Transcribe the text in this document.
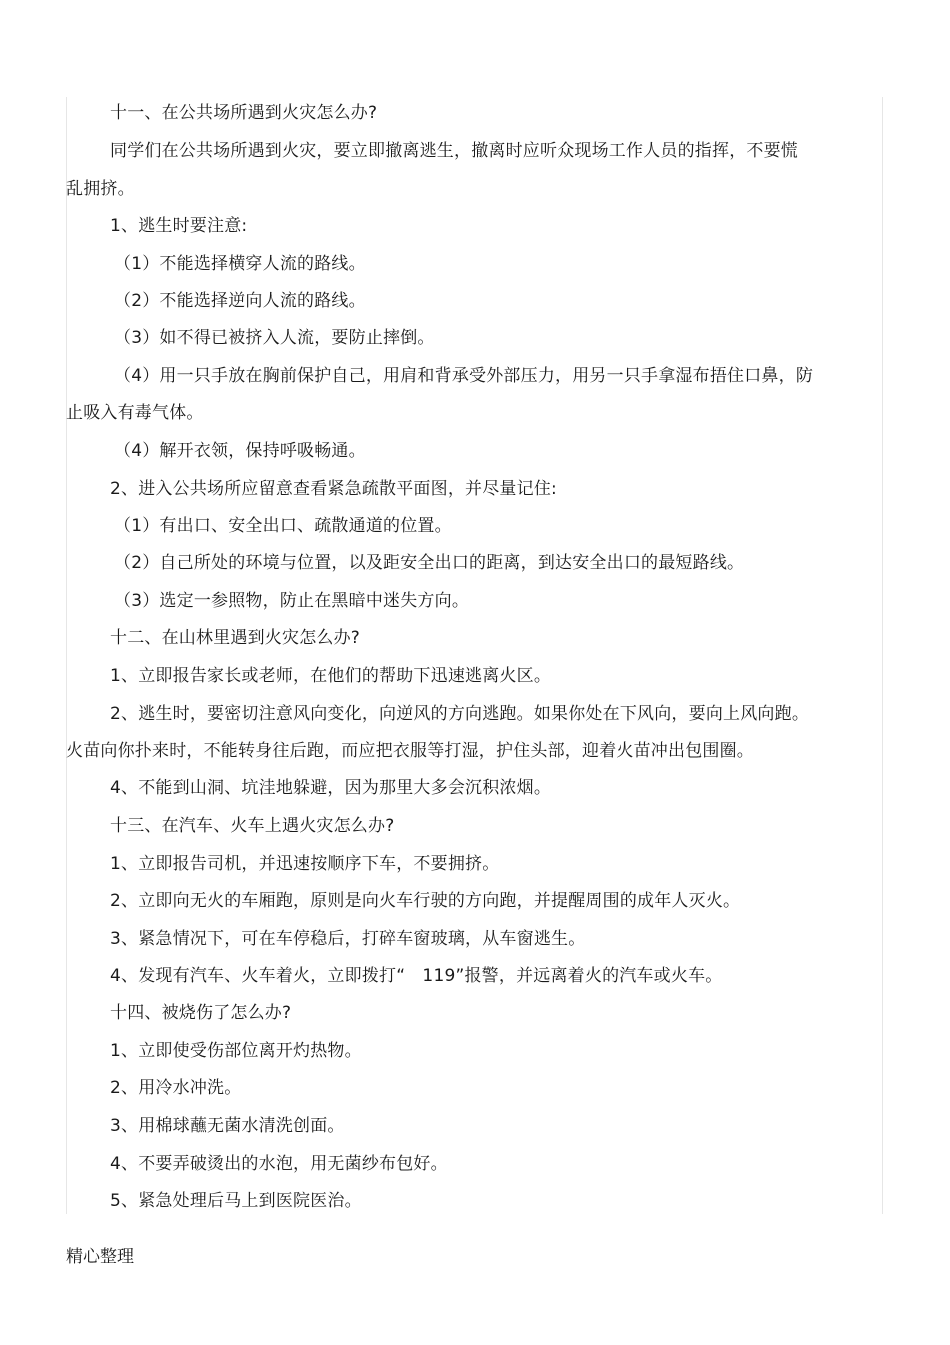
十一、在公共场所遇到火灾怎么办?
同学们在公共场所遇到火灾，要立即撤离逃生，撤离时应听众现场工作人员的指挥，不要慌
乱拥挤。
1、逃生时要注意:
（1）不能选择横穿人流的路线。
（2）不能选择逆向人流的路线。
（3）如不得已被挤入人流，要防止摔倒。
（4）用一只手放在胸前保护自己，用肩和背承受外部压力，用另一只手拿湿布捂住口鼻，防
止吸入有毒气体。
（4）解开衣领，保持呼吸畅通。
2、进入公共场所应留意查看紧急疏散平面图，并尽量记住:
（1）有出口、安全出口、疏散通道的位置。
（2）自己所处的环境与位置，以及距安全出口的距离，到达安全出口的最短路线。
（3）选定一参照物，防止在黑暗中迷失方向。
十二、在山林里遇到火灾怎么办?
1、立即报告家长或老师，在他们的帮助下迅速逃离火区。
2、逃生时，要密切注意风向变化，向逆风的方向逃跑。如果你处在下风向，要向上风向跑。
火苗向你扑来时，不能转身往后跑，而应把衣服等打湿，护住头部，迎着火苗冲出包围圈。
4、不能到山洞、坑洼地躲避，因为那里大多会沉积浓烟。
十三、在汽车、火车上遇火灾怎么办?
1、立即报告司机，并迅速按顺序下车，不要拥挤。
2、立即向无火的车厢跑，原则是向火车行驶的方向跑，并提醒周围的成年人灭火。
3、紧急情况下，可在车停稳后，打碎车窗玻璃，从车窗逃生。
4、发现有汽车、火车着火，立即拨打“　119”报警，并远离着火的汽车或火车。
十四、被烧伤了怎么办?
1、立即使受伤部位离开灼热物。
2、用冷水冲洗。
3、用棉球蘸无菌水清洗创面。
4、不要弄破烫出的水泡，用无菌纱布包好。
5、紧急处理后马上到医院医治。
精心整理
